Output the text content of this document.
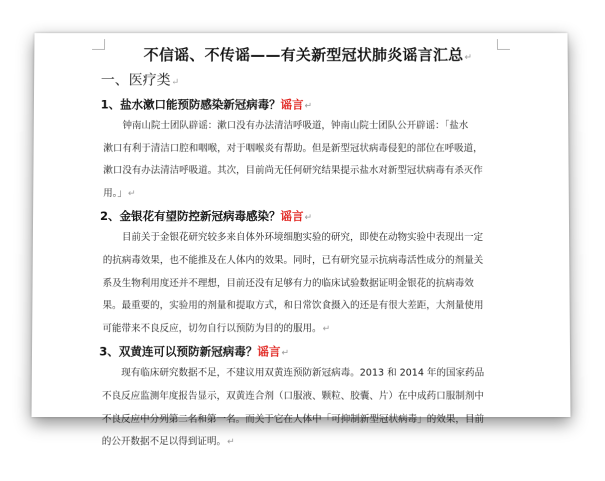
不信谣、不传谣——有关新型冠状肺炎谣言汇总↵
一、医疗类↵
1、盐水漱口能预防感染新冠病毒？谣言↵

钟南山院士团队辟谣：漱口没有办法清洁呼吸道，钟南山院士团队公开辟谣：「盐水
漱口有利于清洁口腔和咽喉，对于咽喉炎有帮助。但是新型冠状病毒侵犯的部位在呼吸道，
漱口没有办法清洁呼吸道。其次，目前尚无任何研究结果提示盐水对新型冠状病毒有杀灭作
用。」↵

2、金银花有望防控新冠病毒感染？谣言↵

目前关于金银花研究较多来自体外环境细胞实验的研究，即使在动物实验中表现出一定
的抗病毒效果，也不能推及在人体内的效果。同时，已有研究显示抗病毒活性成分的剂量关
系及生物利用度还并不理想，目前还没有足够有力的临床试验数据证明金银花的抗病毒效
果。最重要的，实验用的剂量和提取方式，和日常饮食摄入的还是有很大差距，大剂量使用
可能带来不良反应，切勿自行以预防为目的的服用。↵

3、双黄连可以预防新冠病毒？谣言↵

现有临床研究数据不足，不建议用双黄连预防新冠病毒。2013 和 2014 年的国家药品
不良反应监测年度报告显示，双黄连合剂（口服液、颗粒、胶囊、片）在中成药口服制剂中
不良反应中分列第二名和第一名。而关于它在人体中「可抑制新型冠状病毒」的效果，目前
的公开数据不足以得到证明。↵
